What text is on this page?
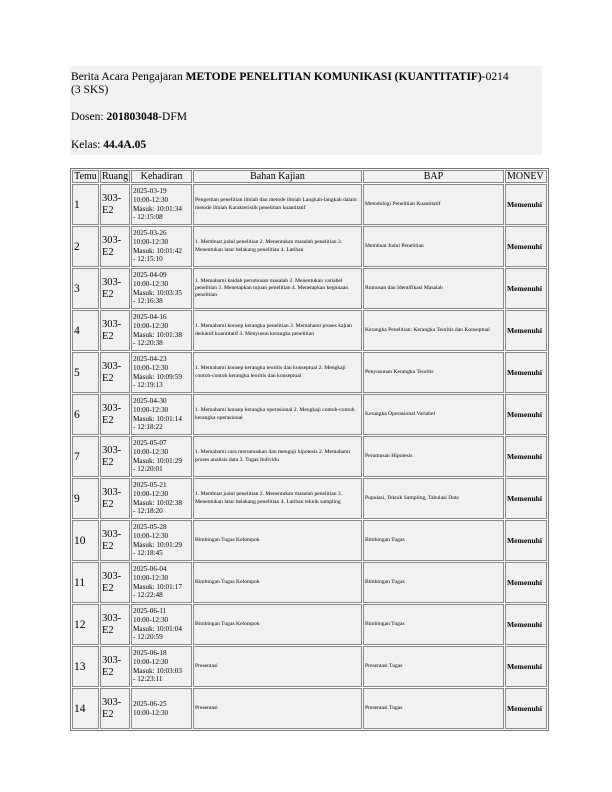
Berita Acara Pengajaran METODE PENELITIAN KOMUNIKASI (KUANTITATIF)-0214

(3 SKS)

Dosen: 201803048-DFM

Kelas: 44.4A.05

Temu	Ruang	Kehadiran	Bahan Kajian	BAP	MONEV
1	303-E2	2025-03-19
10:00-12:30
Masuk: 10:01:34
- 12:15:08	Pengertian penelitian ilmiah dan metode ilmiah Langkah-langkah dalam metode ilmiah Karakteristik penelitian kuantitatif	Metodologi Penelitian Kuantitatif	Memenuhi
2	303-E2	2025-03-26
10:00-12:30
Masuk: 10:01:42
- 12:15:10	1. Membuat judul penelitian 2. Menentukan masalah penelitian 3. Menentukan latar belakang penelitian 4. Latihan	Membuat Judul Penelitian	Memenuhi
3	303-E2	2025-04-09
10:00-12:30
Masuk: 10:03:35
- 12:16:38	1. Memahami kaidah perumusan masalah 2. Menentukan variabel penelitian 3. Menetapkan tujuan penelitian 4. Menetapkan kegunaan penelitian	Rumusan dan Identifikasi Masalah	Memenuhi
4	303-E2	2025-04-16
10:00-12:30
Masuk: 10:01:38
- 12:20:38	1. Memahami konsep kerangka penelitian 2. Memahami proses kajian deduktif kuantitatif 3. Menyusun kerangka penelitian	Kerangka Penelitian: Kerangka Teoritis dan Konseptual	Memenuhi
5	303-E2	2025-04-23
10:00-12:30
Masuk: 10:09:59
- 12:19:13	1. Memahami konsep kerangka teoritis dan konseptual 2. Mengkaji contoh-contoh kerangka teoritis dan konseptual	Penyusunan Kerangka Teoritis	Memenuhi
6	303-E2	2025-04-30
10:00-12:30
Masuk: 10:01:14
- 12:18:22	1. Memahami konsep kerangka operasional 2. Mengkaji contoh-contoh kerangka operasional	Kerangka Operasional Variabel	Memenuhi
7	303-E2	2025-05-07
10:00-12:30
Masuk: 10:01:29
- 12:20:01	1. Memahami cara merumuskan dan menguji hipotesis 2. Memahami proses analisis data 3. Tugas Individu	Perumusan Hipotesis	Memenuhi
9	303-E2	2025-05-21
10:00-12:30
Masuk: 10:02:38
- 12:18:20	1. Membuat judul penelitian 2. Menentukan masalah penelitian 3. Menentukan latar belakang penelitian 4. Latihan teknik sampling	Populasi, Teknik Sampling, Tabulasi Data	Memenuhi
10	303-E2	2025-05-28
10:00-12:30
Masuk: 10:01:29
- 12:18:45	Bimbingan Tugas Kelompok	Bimbingan Tugas	Memenuhi
11	303-E2	2025-06-04
10:00-12:30
Masuk: 10:01:17
- 12:22:48	Bimbingan Tugas Kelompok	Bimbingan Tugas	Memenuhi
12	303-E2	2025-06-11
10:00-12:30
Masuk: 10:01:04
- 12:20:59	Bimbingan Tugas Kelompok	Bimbingan Tugas	Memenuhi
13	303-E2	2025-06-18
10:00-12:30
Masuk: 10:03:03
- 12:23:11	Presentasi	Presentasi Tugas	Memenuhi
14	303-E2	2025-06-25
10:00-12:30	Presentasi	Presentasi Tugas	Memenuhi
